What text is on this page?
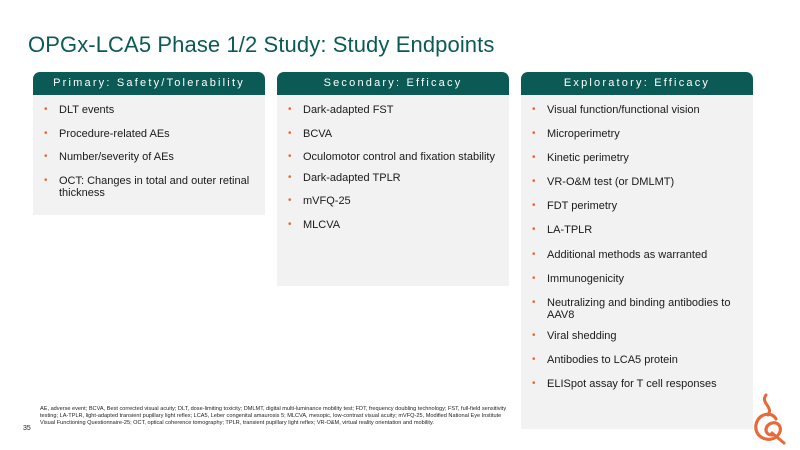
OPGx-LCA5 Phase 1/2 Study: Study Endpoints
Primary: Safety/Tolerability
• DLT events
• Procedure-related AEs
• Number/severity of AEs
• OCT: Changes in total and outer retinal thickness
Secondary: Efficacy
• Dark-adapted FST
• BCVA
• Oculomotor control and fixation stability
• Dark-adapted TPLR
• mVFQ-25
• MLCVA
Exploratory: Efficacy
• Visual function/functional vision
• Microperimetry
• Kinetic perimetry
• VR-O&M test (or DMLMT)
• FDT perimetry
• LA-TPLR
• Additional methods as warranted
• Immunogenicity
• Neutralizing and binding antibodies to AAV8
• Viral shedding
• Antibodies to LCA5 protein
• ELISpot assay for T cell responses
AE, adverse event; BCVA, Best corrected visual acuity; DLT, dose-limiting toxicity; DMLMT, digital multi-luminance mobility test; FDT, frequency doubling technology; FST, full-field sensitivity testing; LA-TPLR, light-adapted transient pupillary light reflex; LCA5, Leber congenital amaurosis 5; MLCVA, mesopic, low-contrast visual acuity; mVFQ-25, Modified National Eye Institute Visual Functioning Questionnaire-25; OCT, optical coherence tomography; TPLR, transient pupillary light reflex; VR-O&M, virtual reality orientation and mobility.
35
